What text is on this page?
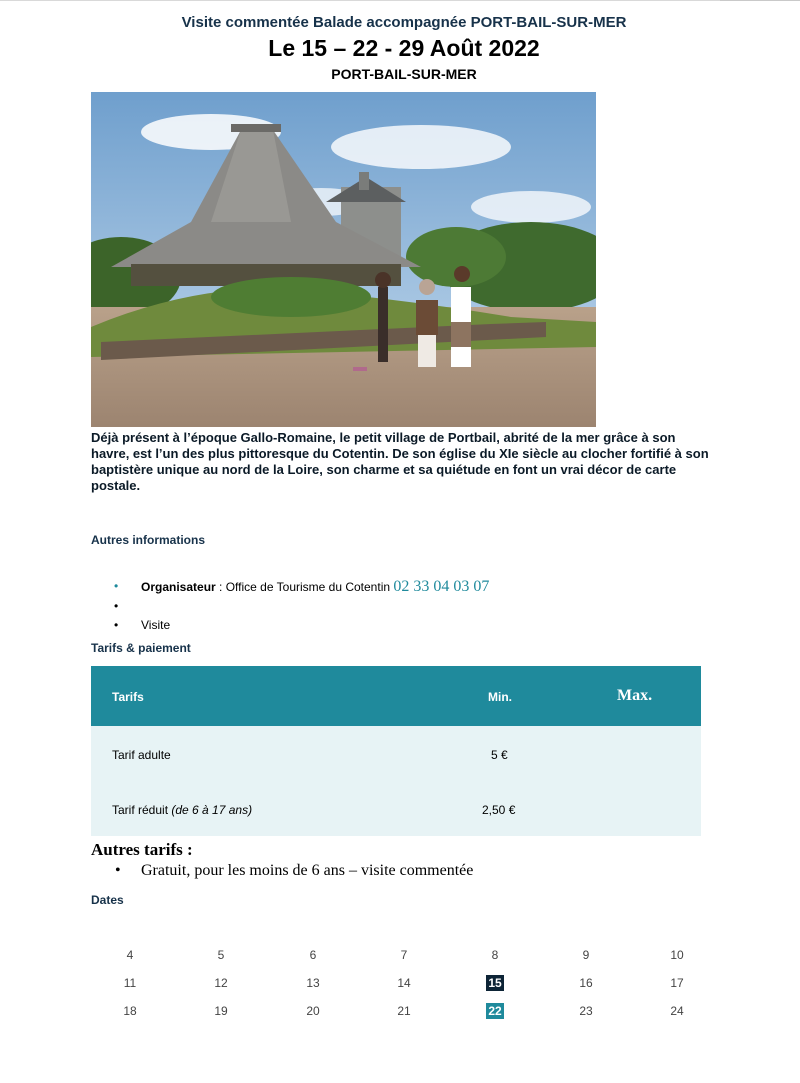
Visite commentée Balade accompagnée PORT-BAIL-SUR-MER
Le 15 – 22 - 29 Août 2022
PORT-BAIL-SUR-MER
Déjà présent à l’époque Gallo-Romaine, le petit village de Portbail, abrité de la mer grâce à son havre, est l’un des plus pittoresque du Cotentin. De son église du XIe siècle au clocher fortifié à son baptistère unique au nord de la Loire, son charme et sa quiétude en font un vrai décor de carte postale.
Autres informations
• Organisateur : Office de Tourisme du Cotentin 02 33 04 03 07
•
• Visite
Tarifs & paiement
Tarifs	Min.	Max.
Tarif adulte	5 €
Tarif réduit (de 6 à 17 ans)	2,50 €
Autres tarifs :
• Gratuit, pour les moins de 6 ans – visite commentée
Dates
4	5	6	7	8	9	10
11	12	13	14	15	16	17
18	19	20	21	22	23	24
